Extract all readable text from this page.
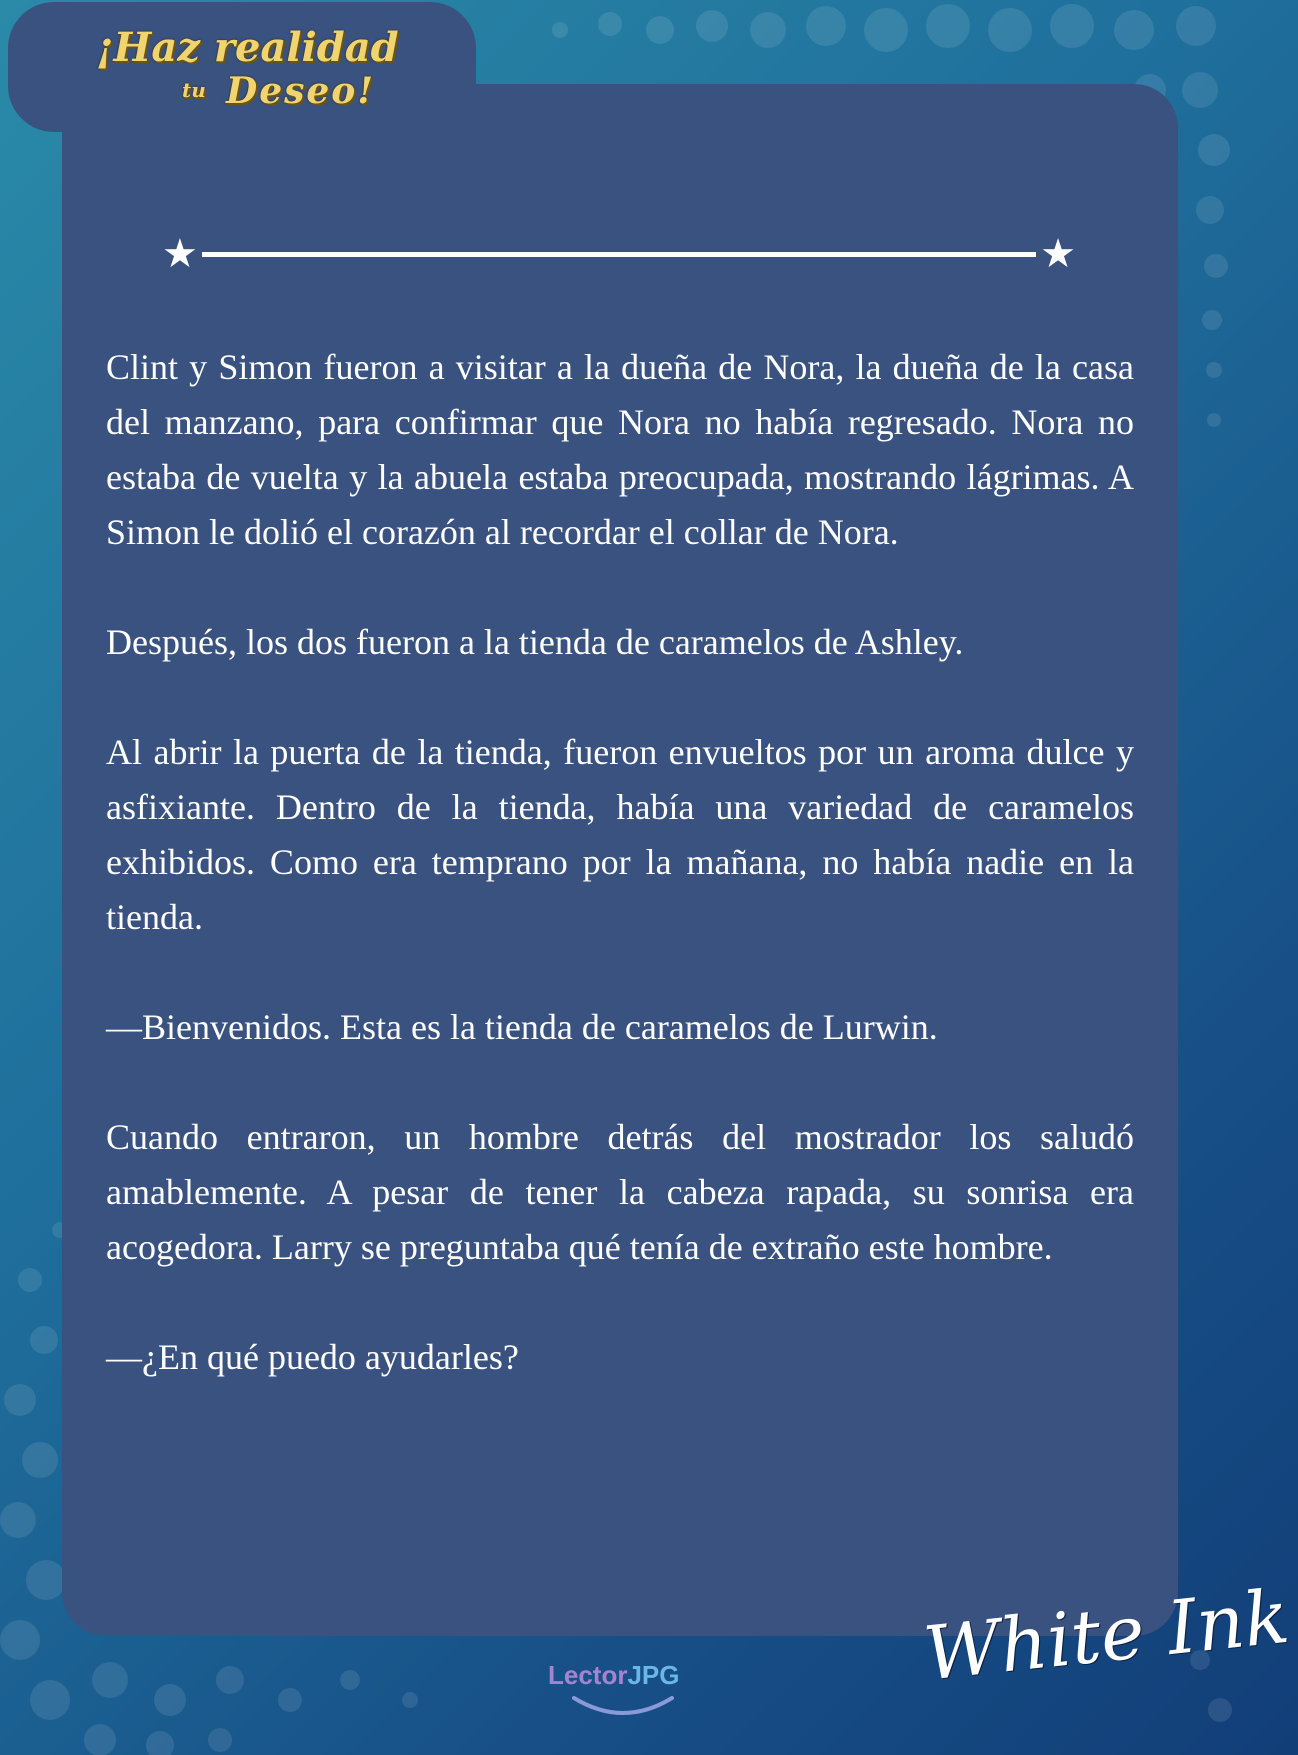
¡Haz realidad
tu Deseo!
★	★

Clint y Simon fueron a visitar a la dueña de Nora, la dueña de la casa del manzano, para confirmar que Nora no había regresado. Nora no estaba de vuelta y la abuela estaba preocupada, mostrando lágrimas. A Simon le dolió el corazón al recordar el collar de Nora.

Después, los dos fueron a la tienda de caramelos de Ashley.

Al abrir la puerta de la tienda, fueron envueltos por un aroma dulce y asfixiante. Dentro de la tienda, había una variedad de caramelos exhibidos. Como era temprano por la mañana, no había nadie en la tienda.

—Bienvenidos. Esta es la tienda de caramelos de Lurwin.

Cuando entraron, un hombre detrás del mostrador los saludó amablemente. A pesar de tener la cabeza rapada, su sonrisa era acogedora. Larry se preguntaba qué tenía de extraño este hombre.

—¿En qué puedo ayudarles?

LectorJPG	White Ink
